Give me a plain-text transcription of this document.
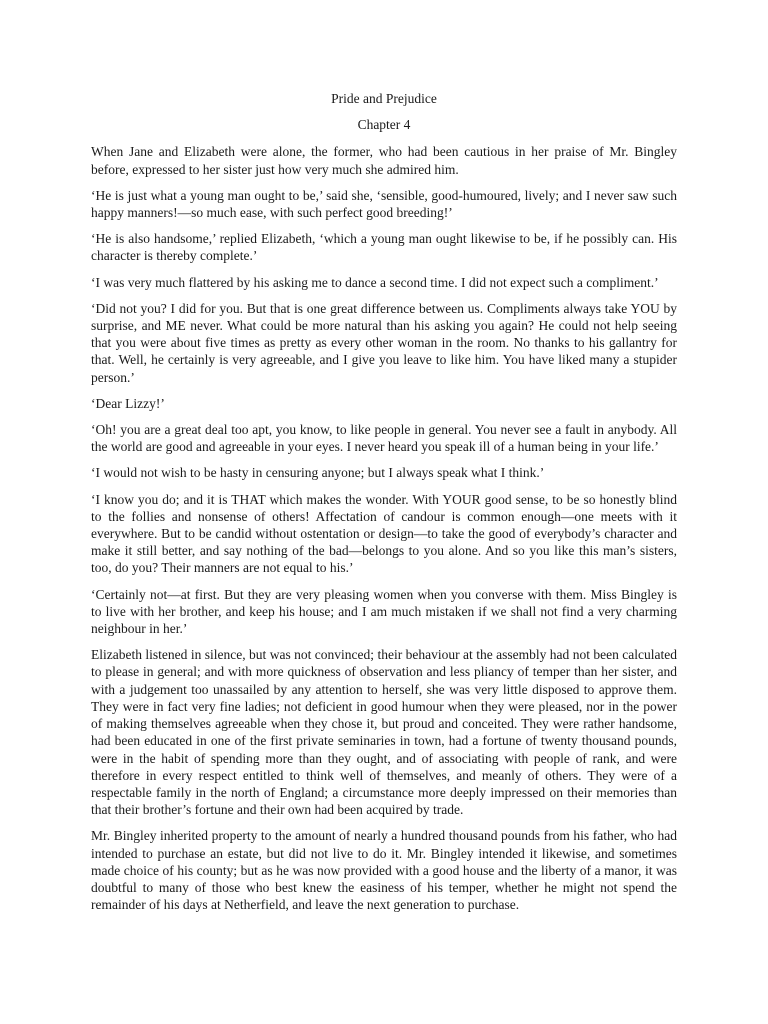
Pride and Prejudice
Chapter 4

When Jane and Elizabeth were alone, the former, who had been cautious in her praise of Mr. Bingley before, expressed to her sister just how very much she admired him.

‘He is just what a young man ought to be,’ said she, ‘sensible, good-humoured, lively; and I never saw such happy manners!—so much ease, with such perfect good breeding!’

‘He is also handsome,’ replied Elizabeth, ‘which a young man ought likewise to be, if he possibly can. His character is thereby complete.’

‘I was very much flattered by his asking me to dance a second time. I did not expect such a compliment.’

‘Did not you? I did for you. But that is one great difference between us. Compliments always take YOU by surprise, and ME never. What could be more natural than his asking you again? He could not help seeing that you were about five times as pretty as every other woman in the room. No thanks to his gallantry for that. Well, he certainly is very agreeable, and I give you leave to like him. You have liked many a stupider person.’

‘Dear Lizzy!’

‘Oh! you are a great deal too apt, you know, to like people in general. You never see a fault in anybody. All the world are good and agreeable in your eyes. I never heard you speak ill of a human being in your life.’

‘I would not wish to be hasty in censuring anyone; but I always speak what I think.’

‘I know you do; and it is THAT which makes the wonder. With YOUR good sense, to be so honestly blind to the follies and nonsense of others! Affectation of candour is common enough—one meets with it everywhere. But to be candid without ostentation or design—to take the good of everybody’s character and make it still better, and say nothing of the bad—belongs to you alone. And so you like this man’s sisters, too, do you? Their manners are not equal to his.’

‘Certainly not—at first. But they are very pleasing women when you converse with them. Miss Bingley is to live with her brother, and keep his house; and I am much mistaken if we shall not find a very charming neighbour in her.’

Elizabeth listened in silence, but was not convinced; their behaviour at the assembly had not been calculated to please in general; and with more quickness of observation and less pliancy of temper than her sister, and with a judgement too unassailed by any attention to herself, she was very little disposed to approve them. They were in fact very fine ladies; not deficient in good humour when they were pleased, nor in the power of making themselves agreeable when they chose it, but proud and conceited. They were rather handsome, had been educated in one of the first private seminaries in town, had a fortune of twenty thousand pounds, were in the habit of spending more than they ought, and of associating with people of rank, and were therefore in every respect entitled to think well of themselves, and meanly of others. They were of a respectable family in the north of England; a circumstance more deeply impressed on their memories than that their brother’s fortune and their own had been acquired by trade.

Mr. Bingley inherited property to the amount of nearly a hundred thousand pounds from his father, who had intended to purchase an estate, but did not live to do it. Mr. Bingley intended it likewise, and sometimes made choice of his county; but as he was now provided with a good house and the liberty of a manor, it was doubtful to many of those who best knew the easiness of his temper, whether he might not spend the remainder of his days at Netherfield, and leave the next generation to purchase.
